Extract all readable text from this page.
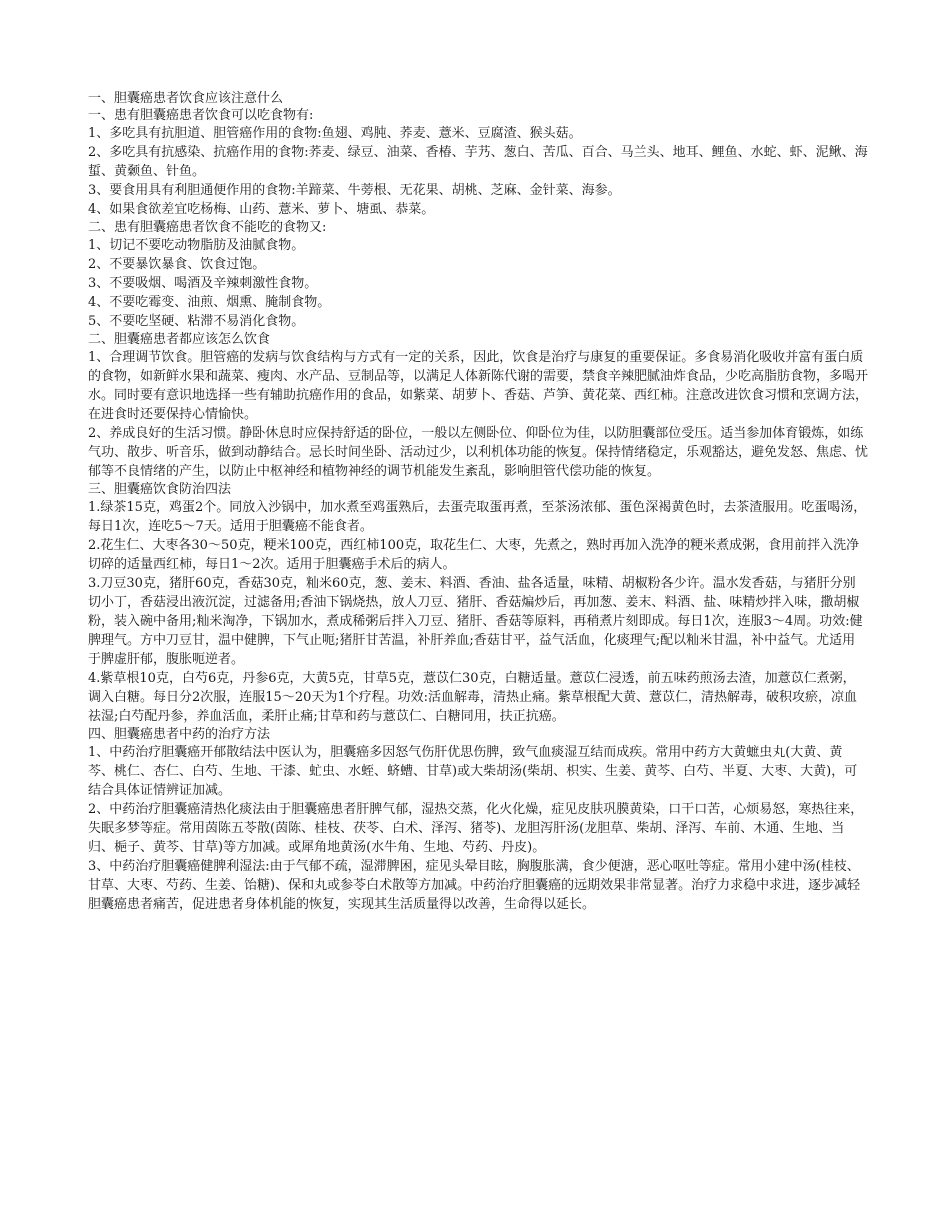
一、胆囊癌患者饮食应该注意什么

一、患有胆囊癌患者饮食可以吃食物有:

1、多吃具有抗胆道、胆管癌作用的食物:鱼翅、鸡肫、荞麦、薏米、豆腐渣、猴头菇。

2、多吃具有抗感染、抗癌作用的食物:荞麦、绿豆、油菜、香椿、芋艿、葱白、苦瓜、百合、马兰头、地耳、鲤鱼、水蛇、虾、泥鳅、海蜇、黄颡鱼、针鱼。

3、要食用具有利胆通便作用的食物:羊蹄菜、牛蒡根、无花果、胡桃、芝麻、金针菜、海参。

4、如果食欲差宜吃杨梅、山药、薏米、萝卜、塘虱、恭菜。

二、患有胆囊癌患者饮食不能吃的食物又:

1、切记不要吃动物脂肪及油腻食物。

2、不要暴饮暴食、饮食过饱。

3、不要吸烟、喝酒及辛辣刺激性食物。

4、不要吃霉变、油煎、烟熏、腌制食物。

5、不要吃坚硬、粘滞不易消化食物。

二、胆囊癌患者都应该怎么饮食

1、合理调节饮食。胆管癌的发病与饮食结构与方式有一定的关系，因此，饮食是治疗与康复的重要保证。多食易消化吸收并富有蛋白质的食物，如新鲜水果和蔬菜、瘦肉、水产品、豆制品等，以满足人体新陈代谢的需要，禁食辛辣肥腻油炸食品，少吃高脂肪食物，多喝开水。同时要有意识地选择一些有辅助抗癌作用的食品，如紫菜、胡萝卜、香菇、芦笋、黄花菜、西红柿。注意改进饮食习惯和烹调方法，在进食时还要保持心情愉快。

2、养成良好的生活习惯。静卧休息时应保持舒适的卧位，一般以左侧卧位、仰卧位为佳，以防胆囊部位受压。适当参加体育锻炼，如练气功、散步、听音乐，做到动静结合。忌长时间坐卧、活动过少，以利机体功能的恢复。保持情绪稳定，乐观豁达，避免发怒、焦虑、忧郁等不良情绪的产生，以防止中枢神经和植物神经的调节机能发生紊乱，影响胆管代偿功能的恢复。

三、胆囊癌饮食防治四法

1.绿茶15克，鸡蛋2个。同放入沙锅中，加水煮至鸡蛋熟后，去蛋壳取蛋再煮，至茶汤浓郁、蛋色深褐黄色时，去茶渣服用。吃蛋喝汤，每日1次，连吃5～7天。适用于胆囊癌不能食者。

2.花生仁、大枣各30～50克，粳米100克，西红柿100克，取花生仁、大枣，先煮之，熟时再加入洗净的粳米煮成粥，食用前拌入洗净切碎的适量西红柿，每日1～2次。适用于胆囊癌手术后的病人。

3.刀豆30克，猪肝60克，香菇30克，籼米60克，葱、姜末、料酒、香油、盐各适量，味精、胡椒粉各少许。温水发香菇，与猪肝分别切小丁，香菇浸出液沉淀，过滤备用;香油下锅烧热，放人刀豆、猪肝、香菇煸炒后，再加葱、姜末、料酒、盐、味精炒拌入味，撒胡椒粉，装入碗中备用;籼米淘净，下锅加水，煮成稀粥后拌入刀豆、猪肝、香菇等原料，再稍煮片刻即成。每日1次，连服3～4周。功效:健脾理气。方中刀豆甘，温中健脾，下气止呃;猪肝甘苦温，补肝养血;香菇甘平，益气活血，化痰理气;配以籼米甘温，补中益气。尤适用于脾虚肝郁，腹胀呃逆者。

4.紫草根10克，白芍6克，丹参6克，大黄5克，甘草5克，薏苡仁30克，白糖适量。薏苡仁浸透，前五味药煎汤去渣，加薏苡仁煮粥，调入白糖。每日分2次服，连服15～20天为1个疗程。功效:活血解毒，清热止痛。紫草根配大黄、薏苡仁，清热解毒，破积攻瘀，凉血祛湿;白芍配丹参，养血活血，柔肝止痛;甘草和药与薏苡仁、白糖同用，扶正抗癌。

四、胆囊癌患者中药的治疗方法

1、中药治疗胆囊癌开郁散结法中医认为，胆囊癌多因怒气伤肝优思伤脾，致气血痰湿互结而成疾。常用中药方大黄蟅虫丸(大黄、黄芩、桃仁、杏仁、白芍、生地、干漆、虻虫、水蛭、蛴螬、甘草)或大柴胡汤(柴胡、枳实、生姜、黄芩、白芍、半夏、大枣、大黄)，可结合具体证情辨证加减。

2、中药治疗胆囊癌清热化痰法由于胆囊癌患者肝脾气郁，湿热交蒸，化火化燥，症见皮肤巩膜黄染，口干口苦，心烦易怒，寒热往来，失眠多梦等症。常用茵陈五苓散(茵陈、桂枝、茯苓、白术、泽泻、猪苓)、龙胆泻肝汤(龙胆草、柴胡、泽泻、车前、木通、生地、当归、梔子、黄芩、甘草)等方加减。或犀角地黄汤(水牛角、生地、芍药、丹皮)。

3、中药治疗胆囊癌健脾利湿法:由于气郁不疏，湿滞脾困，症见头晕目眩，胸腹胀满，食少便溏，恶心呕吐等症。常用小建中汤(桂枝、甘草、大枣、芍药、生姜、饴糖)、保和丸或参苓白术散等方加减。中药治疗胆囊癌的远期效果非常显著。治疗力求稳中求进，逐步减轻胆囊癌患者痛苦，促进患者身体机能的恢复，实现其生活质量得以改善，生命得以延长。
